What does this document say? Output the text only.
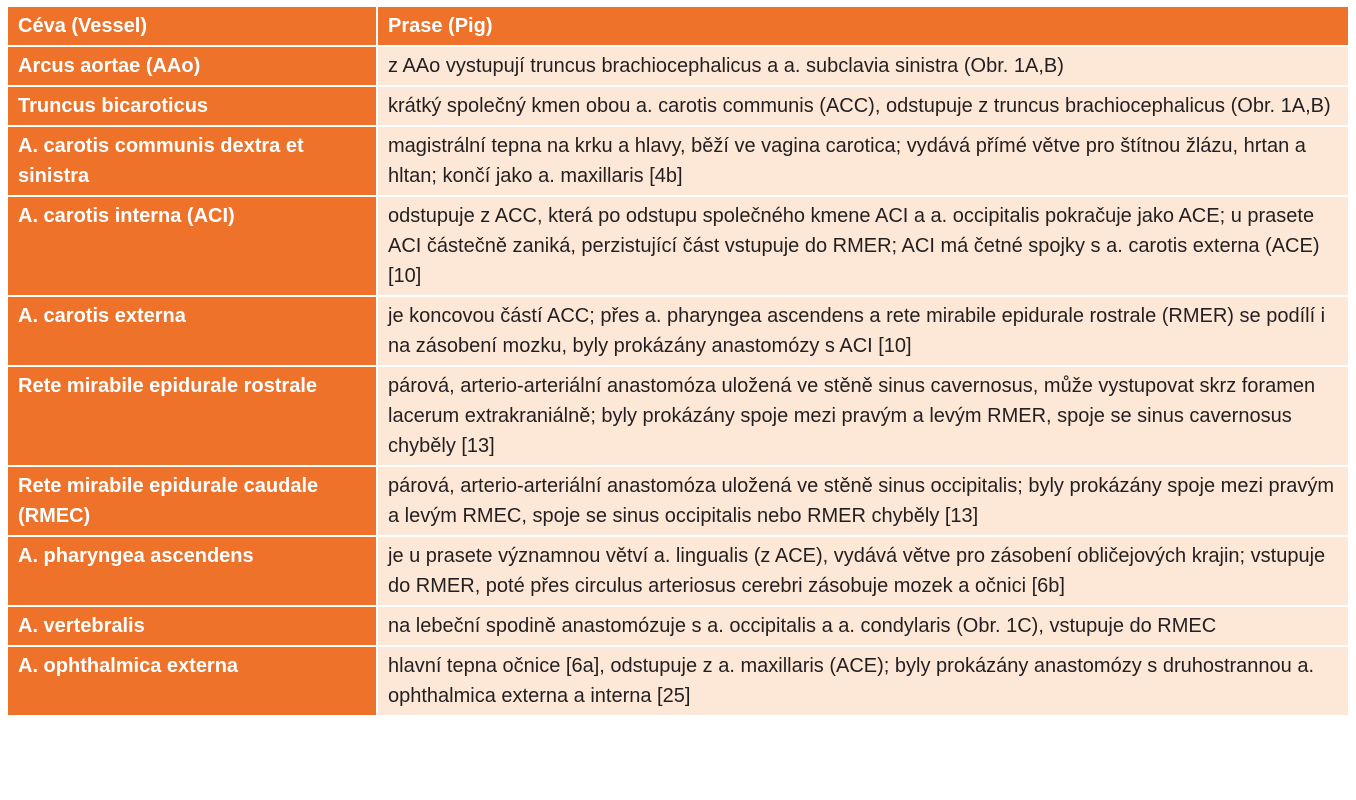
Céva (Vessel)	Prase (Pig)
Arcus aortae (AAo)	z AAo vystupují truncus brachiocephalicus a a. subclavia sinistra (Obr. 1A,B)
Truncus bicaroticus	krátký společný kmen obou a. carotis communis (ACC), odstupuje z truncus brachiocephalicus (Obr. 1A,B)
A. carotis communis dextra et sinistra	magistrální tepna na krku a hlavy, běží ve vagina carotica; vydává přímé větve pro štítnou žlázu, hrtan a hltan; končí jako a. maxillaris [4b]
A. carotis interna (ACI)	odstupuje z ACC, která po odstupu společného kmene ACI a a. occipitalis pokračuje jako ACE; u prasete ACI částečně zaniká, perzistující část vstupuje do RMER; ACI má četné spojky s a. carotis externa (ACE) [10]
A. carotis externa	je koncovou částí ACC; přes a. pharyngea ascendens a rete mirabile epidurale rostrale (RMER) se podílí i na zásobení mozku, byly prokázány anastomózy s ACI [10]
Rete mirabile epidurale rostrale	párová, arterio-arteriální anastomóza uložená ve stěně sinus cavernosus, může vystupovat skrz foramen lacerum extrakraniálně; byly prokázány spoje mezi pravým a levým RMER, spoje se sinus cavernosus chyběly [13]
Rete mirabile epidurale caudale (RMEC)	párová, arterio-arteriální anastomóza uložená ve stěně sinus occipitalis; byly prokázány spoje mezi pravým a levým RMEC, spoje se sinus occipitalis nebo RMER chyběly [13]
A. pharyngea ascendens	je u prasete významnou větví a. lingualis (z ACE), vydává větve pro zásobení obličejových krajin; vstupuje do RMER, poté přes circulus arteriosus cerebri zásobuje mozek a očnici [6b]
A. vertebralis	na lebeční spodině anastomózuje s a. occipitalis a a. condylaris (Obr. 1C), vstupuje do RMEC
A. ophthalmica externa	hlavní tepna očnice [6a], odstupuje z a. maxillaris (ACE); byly prokázány anastomózy s druhostrannou a. ophthalmica externa a interna [25]
